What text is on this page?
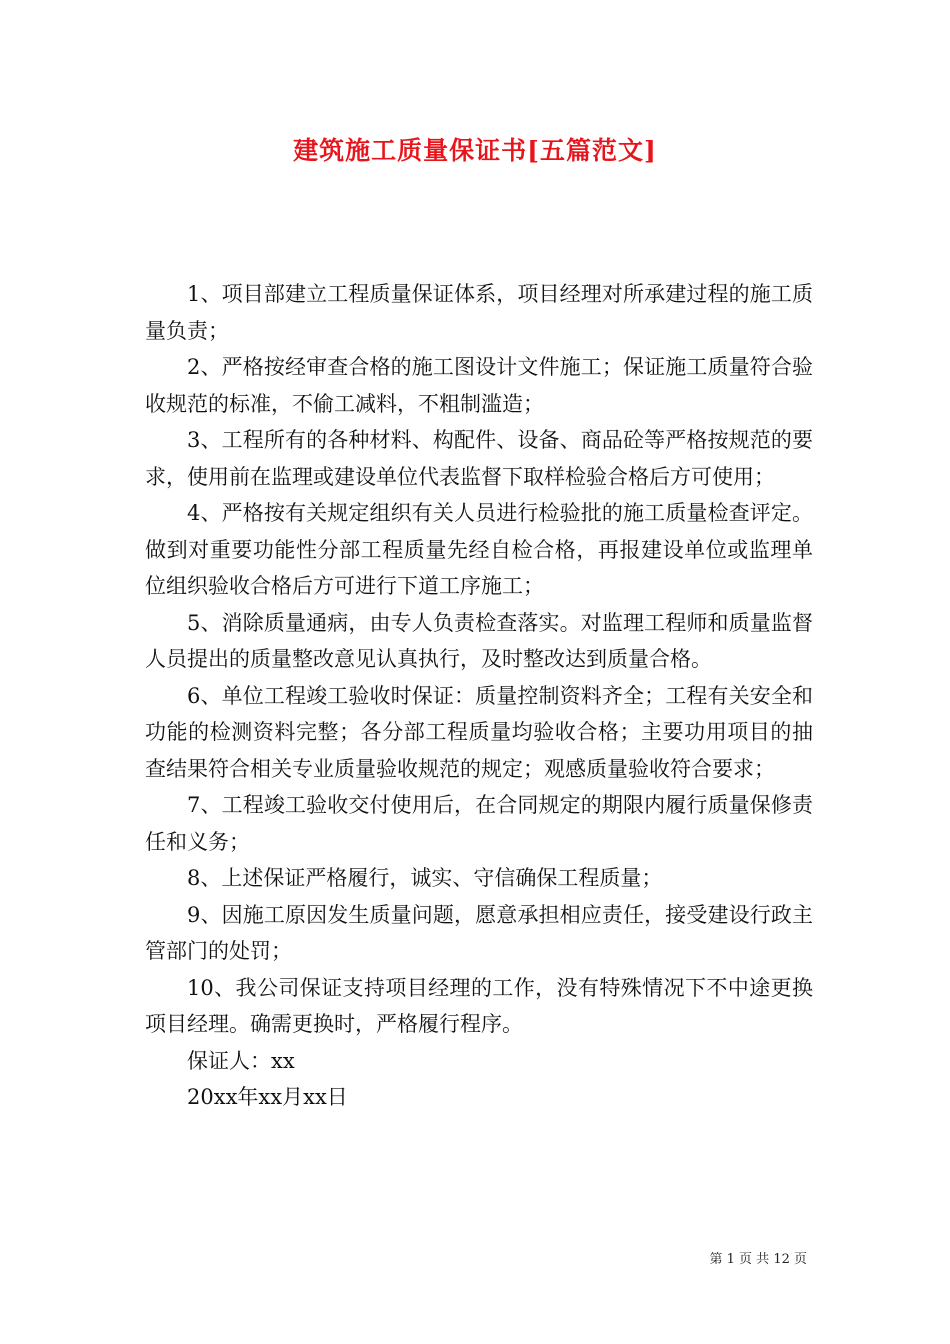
建筑施工质量保证书[五篇范文]

1、项目部建立工程质量保证体系，项目经理对所承建过程的施工质量负责；

2、严格按经审查合格的施工图设计文件施工；保证施工质量符合验收规范的标准，不偷工减料，不粗制滥造；

3、工程所有的各种材料、构配件、设备、商品砼等严格按规范的要求，使用前在监理或建设单位代表监督下取样检验合格后方可使用；

4、严格按有关规定组织有关人员进行检验批的施工质量检查评定。做到对重要功能性分部工程质量先经自检合格，再报建设单位或监理单位组织验收合格后方可进行下道工序施工；

5、消除质量通病，由专人负责检查落实。对监理工程师和质量监督人员提出的质量整改意见认真执行，及时整改达到质量合格。

6、单位工程竣工验收时保证：质量控制资料齐全；工程有关安全和功能的检测资料完整；各分部工程质量均验收合格；主要功用项目的抽查结果符合相关专业质量验收规范的规定；观感质量验收符合要求；

7、工程竣工验收交付使用后，在合同规定的期限内履行质量保修责任和义务；

8、上述保证严格履行，诚实、守信确保工程质量；

9、因施工原因发生质量问题，愿意承担相应责任，接受建设行政主管部门的处罚；

10、我公司保证支持项目经理的工作，没有特殊情况下不中途更换项目经理。确需更换时，严格履行程序。

保证人：xx

20xx年xx月xx日

第 1 页 共 12 页
